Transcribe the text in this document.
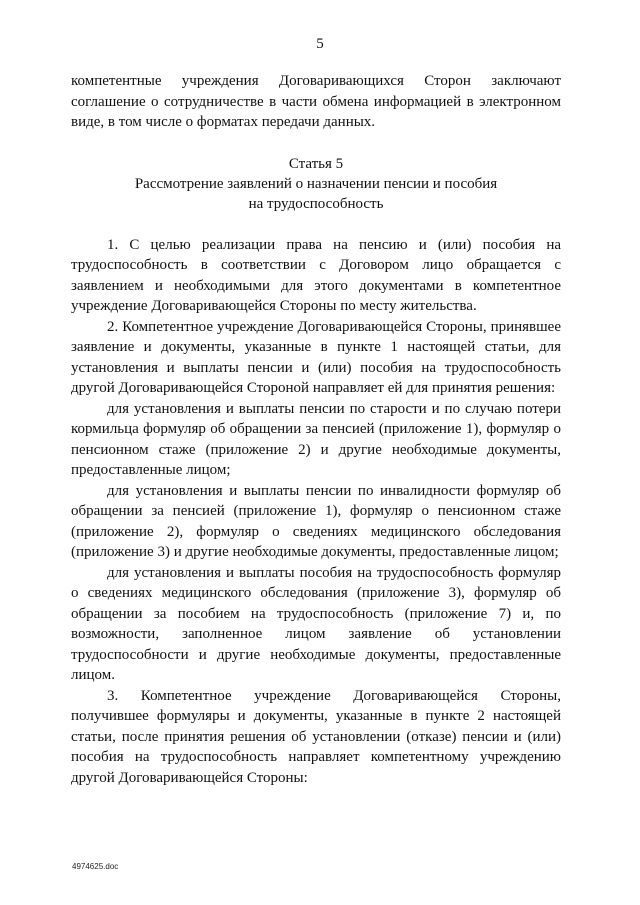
5

компетентные учреждения Договаривающихся Сторон заключают соглашение о сотрудничестве в части обмена информацией в электронном виде, в том числе о форматах передачи данных.

Статья 5
Рассмотрение заявлений о назначении пенсии и пособия
на трудоспособность

1. С целью реализации права на пенсию и (или) пособия на трудоспособность в соответствии с Договором лицо обращается с заявлением и необходимыми для этого документами в компетентное учреждение Договаривающейся Стороны по месту жительства.

2. Компетентное учреждение Договаривающейся Стороны, принявшее заявление и документы, указанные в пункте 1 настоящей статьи, для установления и выплаты пенсии и (или) пособия на трудоспособность другой Договаривающейся Стороной направляет ей для принятия решения:

для установления и выплаты пенсии по старости и по случаю потери кормильца формуляр об обращении за пенсией (приложение 1), формуляр о пенсионном стаже (приложение 2) и другие необходимые документы, предоставленные лицом;

для установления и выплаты пенсии по инвалидности формуляр об обращении за пенсией (приложение 1), формуляр о пенсионном стаже (приложение 2), формуляр о сведениях медицинского обследования (приложение 3) и другие необходимые документы, предоставленные лицом;

для установления и выплаты пособия на трудоспособность формуляр о сведениях медицинского обследования (приложение 3), формуляр об обращении за пособием на трудоспособность (приложение 7) и, по возможности, заполненное лицом заявление об установлении трудоспособности и другие необходимые документы, предоставленные лицом.

3. Компетентное учреждение Договаривающейся Стороны, получившее формуляры и документы, указанные в пункте 2 настоящей статьи, после принятия решения об установлении (отказе) пенсии и (или) пособия на трудоспособность направляет компетентному учреждению другой Договаривающейся Стороны:

4974625.doc
